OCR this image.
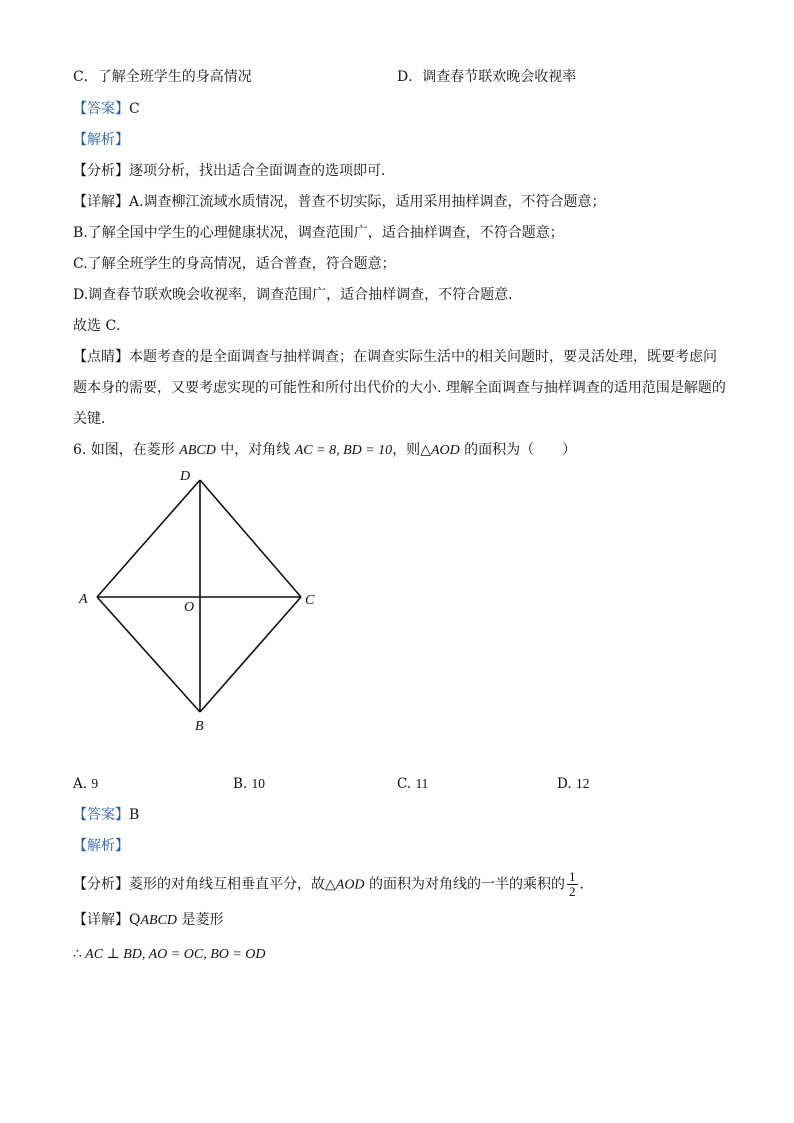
C．了解全班学生的身高情况	D．调查春节联欢晚会收视率
【答案】C
【解析】
【分析】逐项分析，找出适合全面调查的选项即可．
【详解】A.调查柳江流域水质情况，普查不切实际，适用采用抽样调查，不符合题意；
B.了解全国中学生的心理健康状况，调查范围广，适合抽样调查，不符合题意；
C.了解全班学生的身高情况，适合普查，符合题意；
D.调查春节联欢晚会收视率，调查范围广，适合抽样调查，不符合题意．
故选 C．
【点睛】本题考查的是全面调查与抽样调查；在调查实际生活中的相关问题时，要灵活处理，既要考虑问
题本身的需要，又要考虑实现的可能性和所付出代价的大小. 理解全面调查与抽样调查的适用范围是解题的
关键．
6. 如图，在菱形 ABCD 中，对角线 AC = 8, BD = 10，则△AOD 的面积为（　　）
D
A	C
O
B
A. 9	B. 10	C. 11	D. 12
【答案】B
【解析】
【分析】菱形的对角线互相垂直平分，故△AOD 的面积为对角线的一半的乘积的 $\frac{1}{2}$ ．
【详解】QABCD 是菱形
∴ AC ⊥ BD, AO = OC, BO = OD
